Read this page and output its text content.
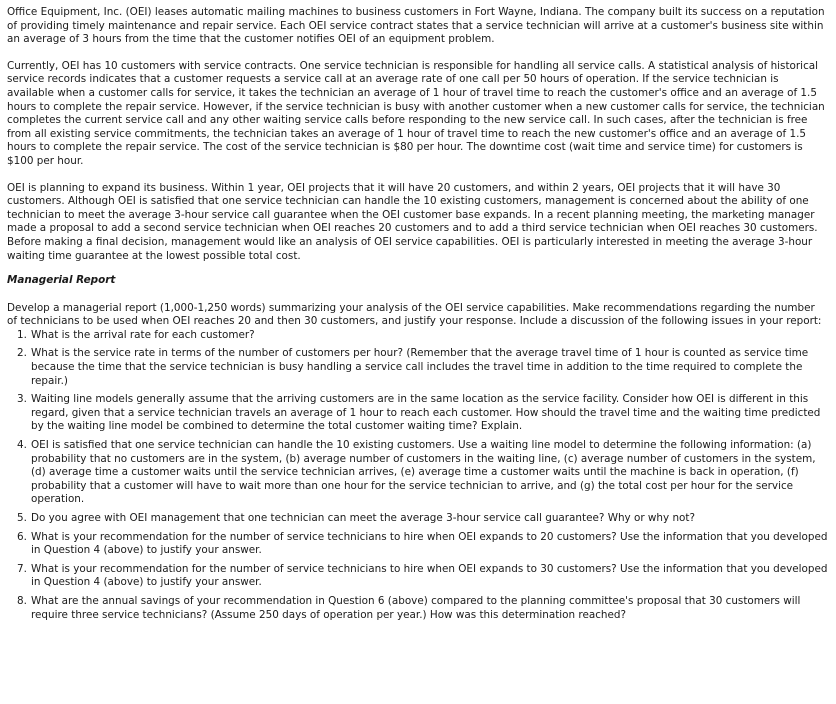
Office Equipment, Inc. (OEI) leases automatic mailing machines to business customers in Fort Wayne, Indiana. The company built its success on a reputation of providing timely maintenance and repair service. Each OEI service contract states that a service technician will arrive at a customer's business site within an average of 3 hours from the time that the customer notifies OEI of an equipment problem.

Currently, OEI has 10 customers with service contracts. One service technician is responsible for handling all service calls. A statistical analysis of historical service records indicates that a customer requests a service call at an average rate of one call per 50 hours of operation. If the service technician is available when a customer calls for service, it takes the technician an average of 1 hour of travel time to reach the customer's office and an average of 1.5 hours to complete the repair service. However, if the service technician is busy with another customer when a new customer calls for service, the technician completes the current service call and any other waiting service calls before responding to the new service call. In such cases, after the technician is free from all existing service commitments, the technician takes an average of 1 hour of travel time to reach the new customer's office and an average of 1.5 hours to complete the repair service. The cost of the service technician is $80 per hour. The downtime cost (wait time and service time) for customers is $100 per hour.

OEI is planning to expand its business. Within 1 year, OEI projects that it will have 20 customers, and within 2 years, OEI projects that it will have 30 customers. Although OEI is satisfied that one service technician can handle the 10 existing customers, management is concerned about the ability of one technician to meet the average 3-hour service call guarantee when the OEI customer base expands. In a recent planning meeting, the marketing manager made a proposal to add a second service technician when OEI reaches 20 customers and to add a third service technician when OEI reaches 30 customers. Before making a final decision, management would like an analysis of OEI service capabilities. OEI is particularly interested in meeting the average 3-hour waiting time guarantee at the lowest possible total cost.

Managerial Report

Develop a managerial report (1,000-1,250 words) summarizing your analysis of the OEI service capabilities. Make recommendations regarding the number of technicians to be used when OEI reaches 20 and then 30 customers, and justify your response. Include a discussion of the following issues in your report:

1. What is the arrival rate for each customer?
2. What is the service rate in terms of the number of customers per hour? (Remember that the average travel time of 1 hour is counted as service time because the time that the service technician is busy handling a service call includes the travel time in addition to the time required to complete the repair.)
3. Waiting line models generally assume that the arriving customers are in the same location as the service facility. Consider how OEI is different in this regard, given that a service technician travels an average of 1 hour to reach each customer. How should the travel time and the waiting time predicted by the waiting line model be combined to determine the total customer waiting time? Explain.
4. OEI is satisfied that one service technician can handle the 10 existing customers. Use a waiting line model to determine the following information: (a) probability that no customers are in the system, (b) average number of customers in the waiting line, (c) average number of customers in the system, (d) average time a customer waits until the service technician arrives, (e) average time a customer waits until the machine is back in operation, (f) probability that a customer will have to wait more than one hour for the service technician to arrive, and (g) the total cost per hour for the service operation.
5. Do you agree with OEI management that one technician can meet the average 3-hour service call guarantee? Why or why not?
6. What is your recommendation for the number of service technicians to hire when OEI expands to 20 customers? Use the information that you developed in Question 4 (above) to justify your answer.
7. What is your recommendation for the number of service technicians to hire when OEI expands to 30 customers? Use the information that you developed in Question 4 (above) to justify your answer.
8. What are the annual savings of your recommendation in Question 6 (above) compared to the planning committee's proposal that 30 customers will require three service technicians? (Assume 250 days of operation per year.) How was this determination reached?
